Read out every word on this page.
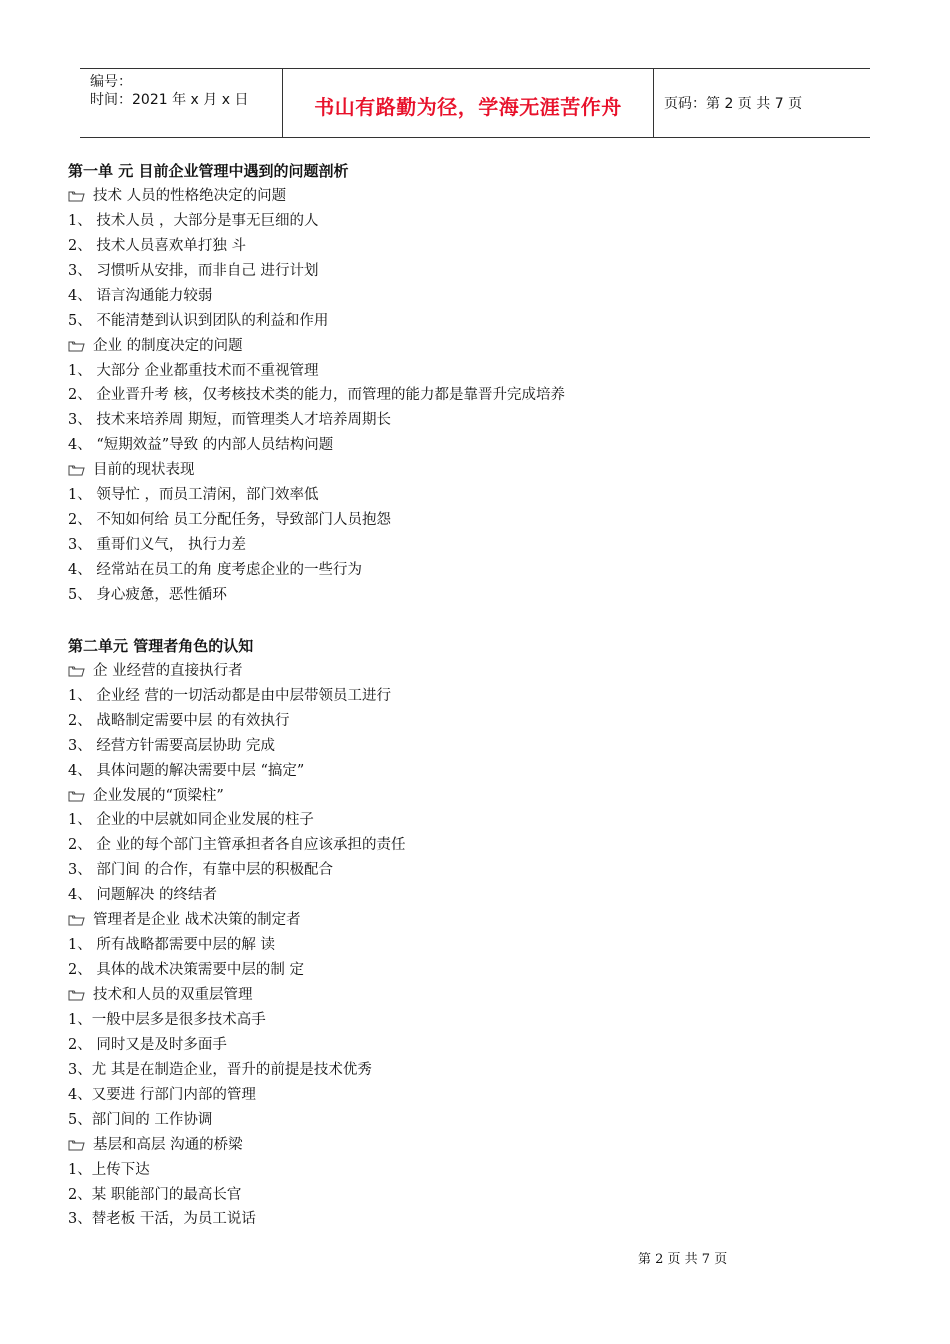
编号：
时间：2021 年 x 月 x 日	书山有路勤为径，学海无涯苦作舟	页码：第 2 页 共 7 页
第一单 元 目前企业管理中遇到的问题剖析
技术 人员的性格绝决定的问题
1、 技术人员 ，大部分是事无巨细的人
2、 技术人员喜欢单打独 斗
3、 习惯听从安排，而非自己 进行计划
4、 语言沟通能力较弱
5、 不能清楚到认识到团队的利益和作用
企业 的制度决定的问题
1、 大部分 企业都重技术而不重视管理
2、 企业晋升考 核，仅考核技术类的能力，而管理的能力都是靠晋升完成培养
3、 技术来培养周 期短，而管理类人才培养周期长
4、 “短期效益”导致 的内部人员结构问题
目前的现状表现
1、 领导忙 ，而员工清闲，部门效率低
2、 不知如何给 员工分配任务，导致部门人员抱怨
3、 重哥们义气， 执行力差
4、 经常站在员工的角 度考虑企业的一些行为
5、 身心疲惫，恶性循环
第二单元 管理者角色的认知
企 业经营的直接执行者
1、 企业经 营的一切活动都是由中层带领员工进行
2、 战略制定需要中层 的有效执行
3、 经营方针需要高层协助 完成
4、 具体问题的解决需要中层 “搞定”
企业发展的“顶梁柱”
1、 企业的中层就如同企业发展的柱子
2、 企 业的每个部门主管承担者各自应该承担的责任
3、 部门间 的合作，有靠中层的积极配合
4、 问题解决 的终结者
管理者是企业 战术决策的制定者
1、 所有战略都需要中层的解 读
2、 具体的战术决策需要中层的制 定
技术和人员的双重层管理
1、一般中层多是很多技术高手
2、 同时又是及时多面手
3、尤 其是在制造企业，晋升的前提是技术优秀
4、又要进 行部门内部的管理
5、部门间的 工作协调
基层和高层 沟通的桥梁
1、上传下达
2、某 职能部门的最高长官
3、替老板 干活，为员工说话
第 2 页 共 7 页
